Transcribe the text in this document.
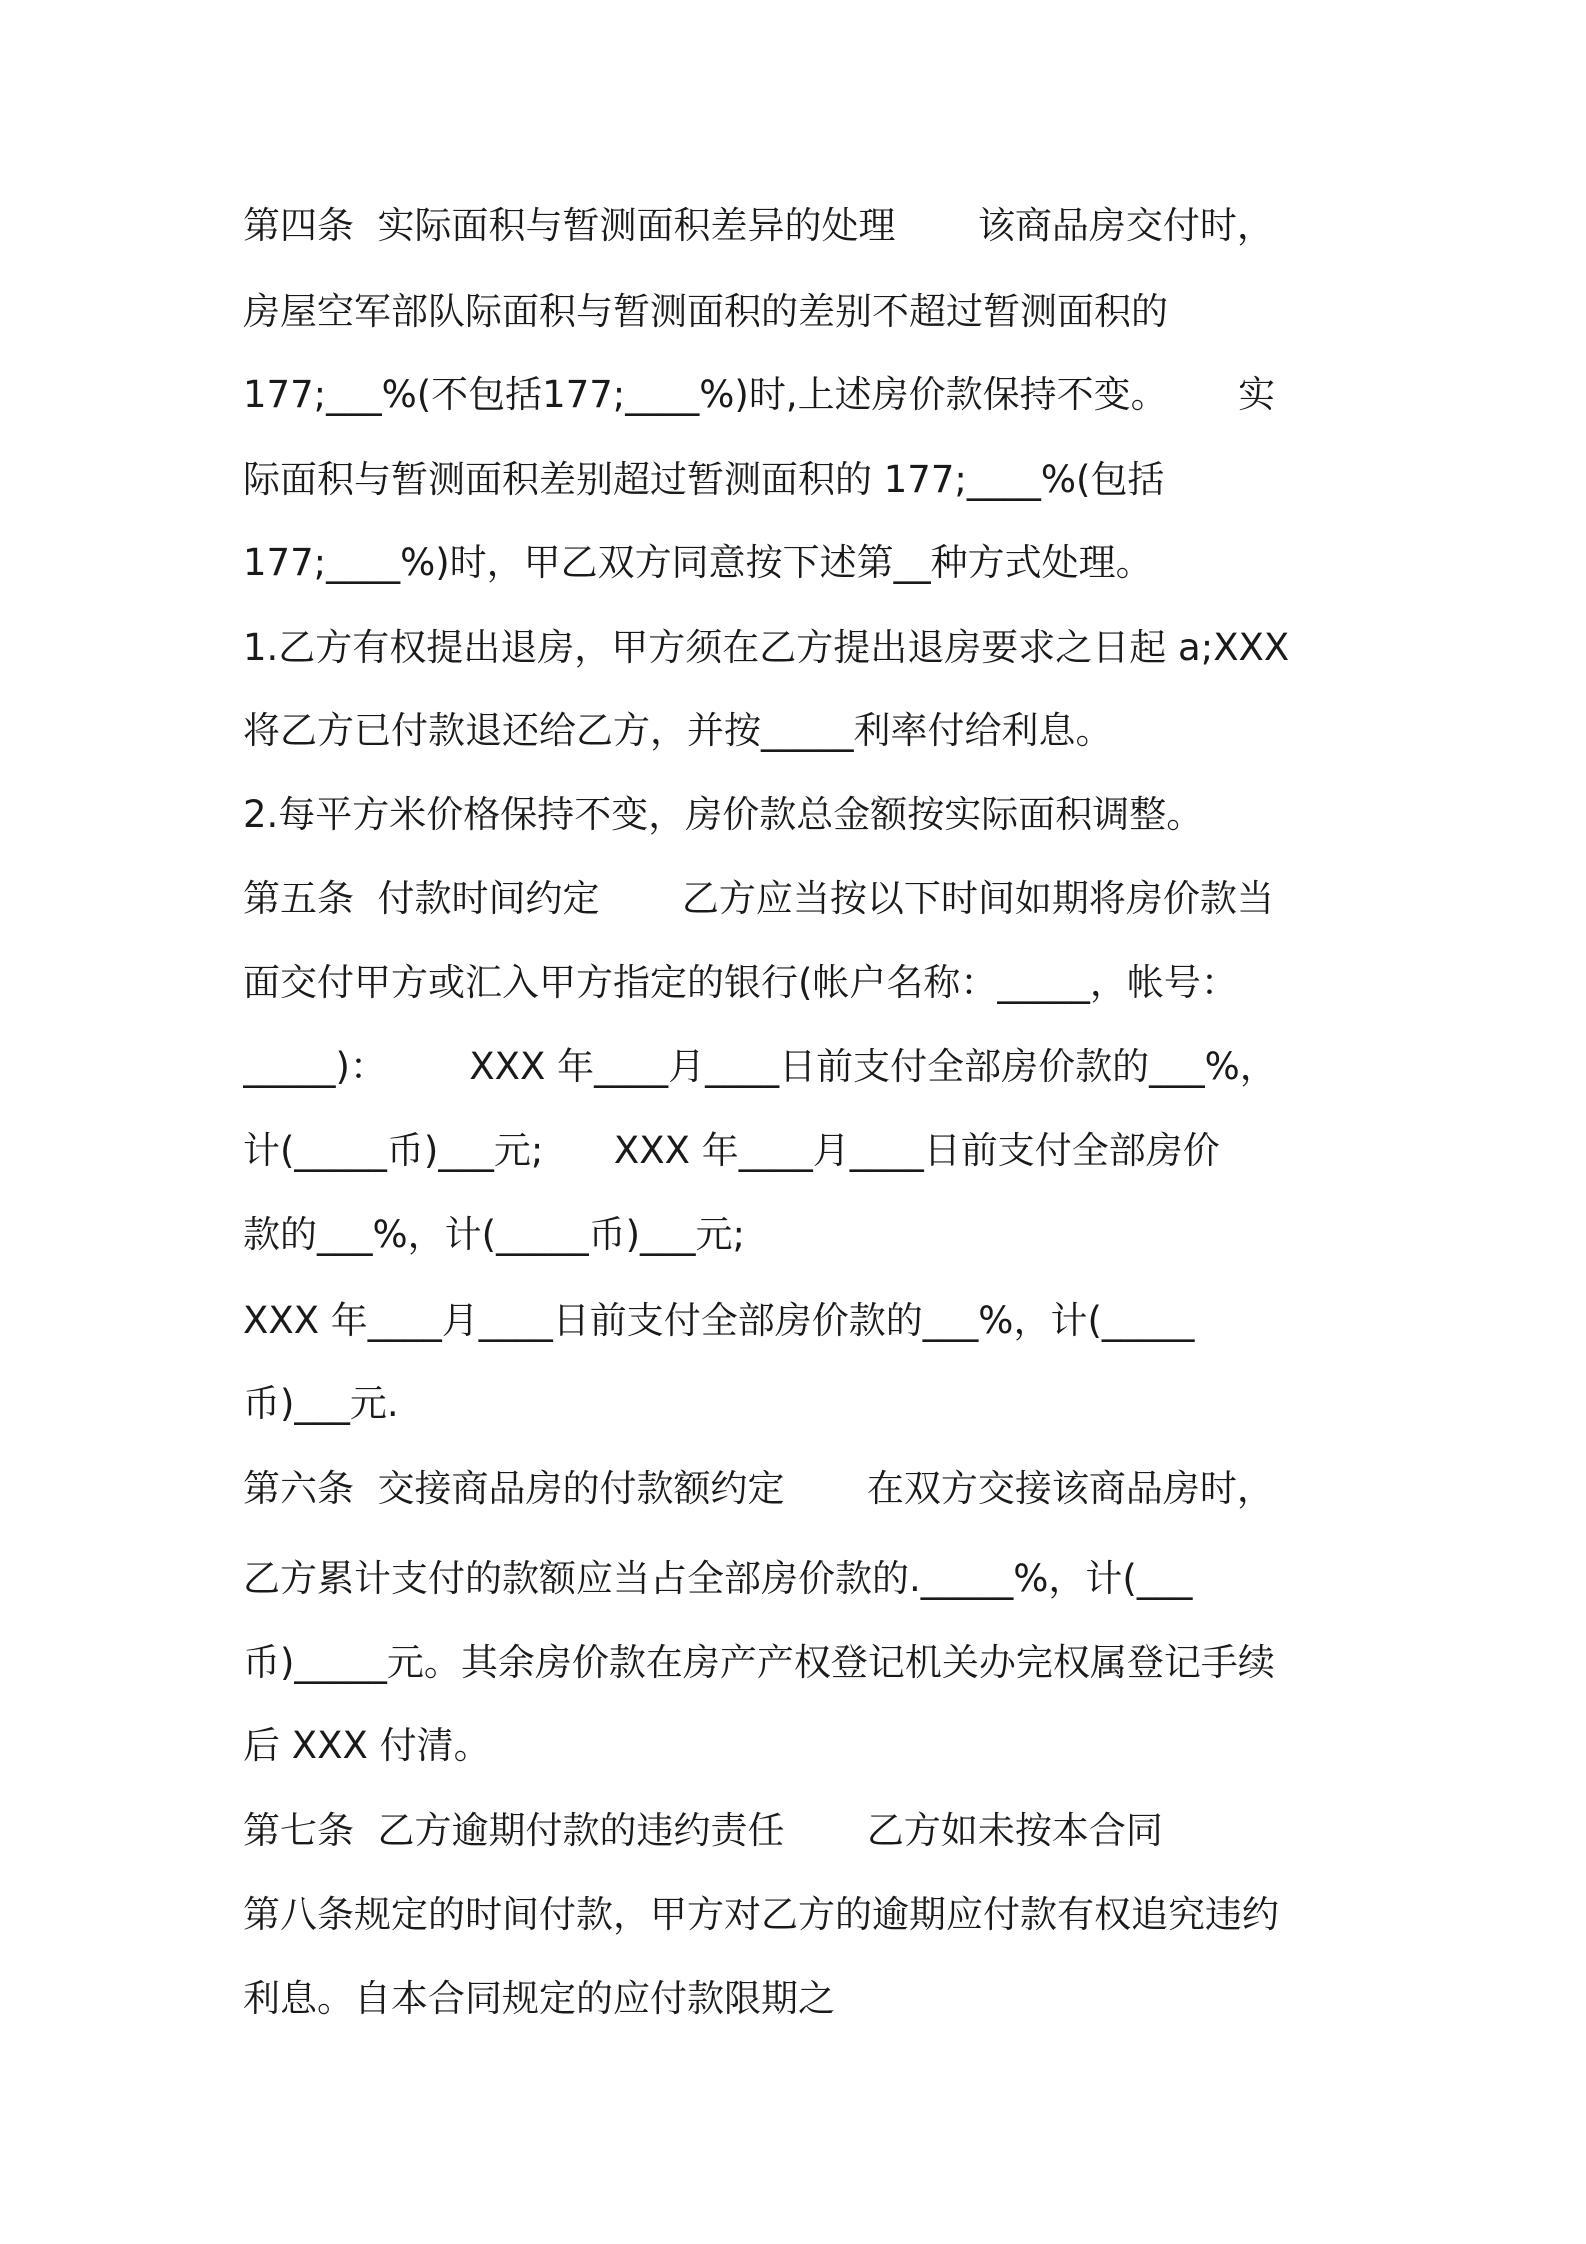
第四条  实际面积与暂测面积差异的处理       该商品房交付时，
房屋空军部队际面积与暂测面积的差别不超过暂测面积的
177;___%(不包括177;____%)时,上述房价款保持不变。      实
际面积与暂测面积差别超过暂测面积的 177;____%(包括
177;____%)时，甲乙双方同意按下述第__种方式处理。
1.乙方有权提出退房，甲方须在乙方提出退房要求之日起 a;XXX
将乙方已付款退还给乙方，并按_____利率付给利息。
2.每平方米价格保持不变，房价款总金额按实际面积调整。
第五条  付款时间约定       乙方应当按以下时间如期将房价款当
面交付甲方或汇入甲方指定的银行(帐户名称：_____，帐号：
_____)：       XXX 年____月____日前支付全部房价款的___%，
计(_____币)___元;      XXX 年____月____日前支付全部房价
款的___%，计(_____币)___元;
XXX 年____月____日前支付全部房价款的___%，计(_____
币)___元.
第六条  交接商品房的付款额约定       在双方交接该商品房时，
乙方累计支付的款额应当占全部房价款的._____%，计(___
币)_____元。其余房价款在房产产权登记机关办完权属登记手续
后 XXX 付清。
第七条  乙方逾期付款的违约责任       乙方如未按本合同
第八条规定的时间付款，甲方对乙方的逾期应付款有权追究违约
利息。自本合同规定的应付款限期之
